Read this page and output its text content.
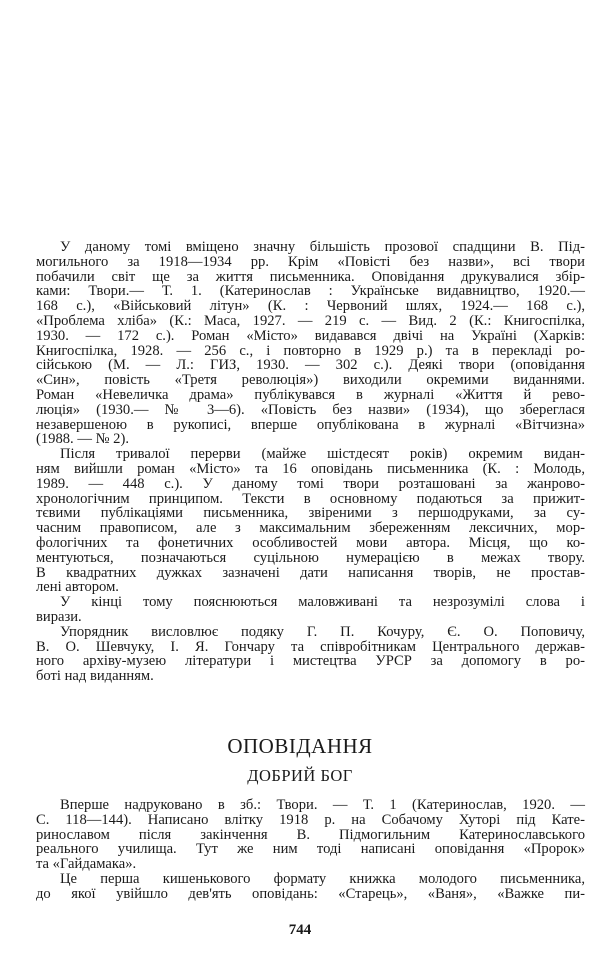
У даному томі вміщено значну більшість прозової спадщини В. Під-
могильного за 1918—1934 рр. Крім «Повісті без назви», всі твори
побачили світ ще за життя письменника. Оповідання друкувалися збір-
ками: Твори.— Т. 1. (Катеринослав : Українське видавництво, 1920.—
168 с.), «Військовий літун» (К. : Червоний шлях, 1924.— 168 с.),
«Проблема хліба» (К.: Маса, 1927. — 219 с. — Вид. 2 (К.: Книгоспілка,
1930. — 172 с.). Роман «Місто» видавався двічі на Україні (Харків:
Книгоспілка, 1928. — 256 с., і повторно в 1929 р.) та в перекладі ро-
сійською (М. — Л.: ГИЗ, 1930. — 302 с.). Деякі твори (оповідання
«Син», повість «Третя революція») виходили окремими виданнями.
Роман «Невеличка драма» публікувався в журналі «Життя й рево-
люція» (1930.— № 3—6). «Повість без назви» (1934), що збереглася
незавершеною в рукописі, вперше опублікована в журналі «Вітчизна»
(1988. — № 2).
Після тривалої перерви (майже шістдесят років) окремим видан-
ням вийшли роман «Місто» та 16 оповідань письменника (К. : Молодь,
1989. — 448 с.). У даному томі твори розташовані за жанрово-
хронологічним принципом. Тексти в основному подаються за прижит-
тєвими публікаціями письменника, звіреними з першодруками, за су-
часним правописом, але з максимальним збереженням лексичних, мор-
фологічних та фонетичних особливостей мови автора. Місця, що ко-
ментуються, позначаються суцільною нумерацією в межах твору.
В квадратних дужках зазначені дати написання творів, не простав-
лені автором.
У кінці тому пояснюються маловживані та незрозумілі слова і
вирази.
Упорядник висловлює подяку Г. П. Кочуру, Є. О. Поповичу,
В. О. Шевчуку, І. Я. Гончару та співробітникам Центрального держав-
ного архіву-музею літератури і мистецтва УРСР за допомогу в ро-
боті над виданням.
ОПОВІДАННЯ
ДОБРИЙ БОГ
Вперше надруковано в зб.: Твори. — Т. 1 (Катеринослав, 1920. —
С. 118—144). Написано влітку 1918 р. на Собачому Хуторі під Кате-
ринославом після закінчення В. Підмогильним Катеринославського
реального училища. Тут же ним тоді написані оповідання «Пророк»
та «Гайдамака».
Це перша кишенькового формату книжка молодого письменника,
до якої увійшло дев'ять оповідань: «Старець», «Ваня», «Важке пи-
744
